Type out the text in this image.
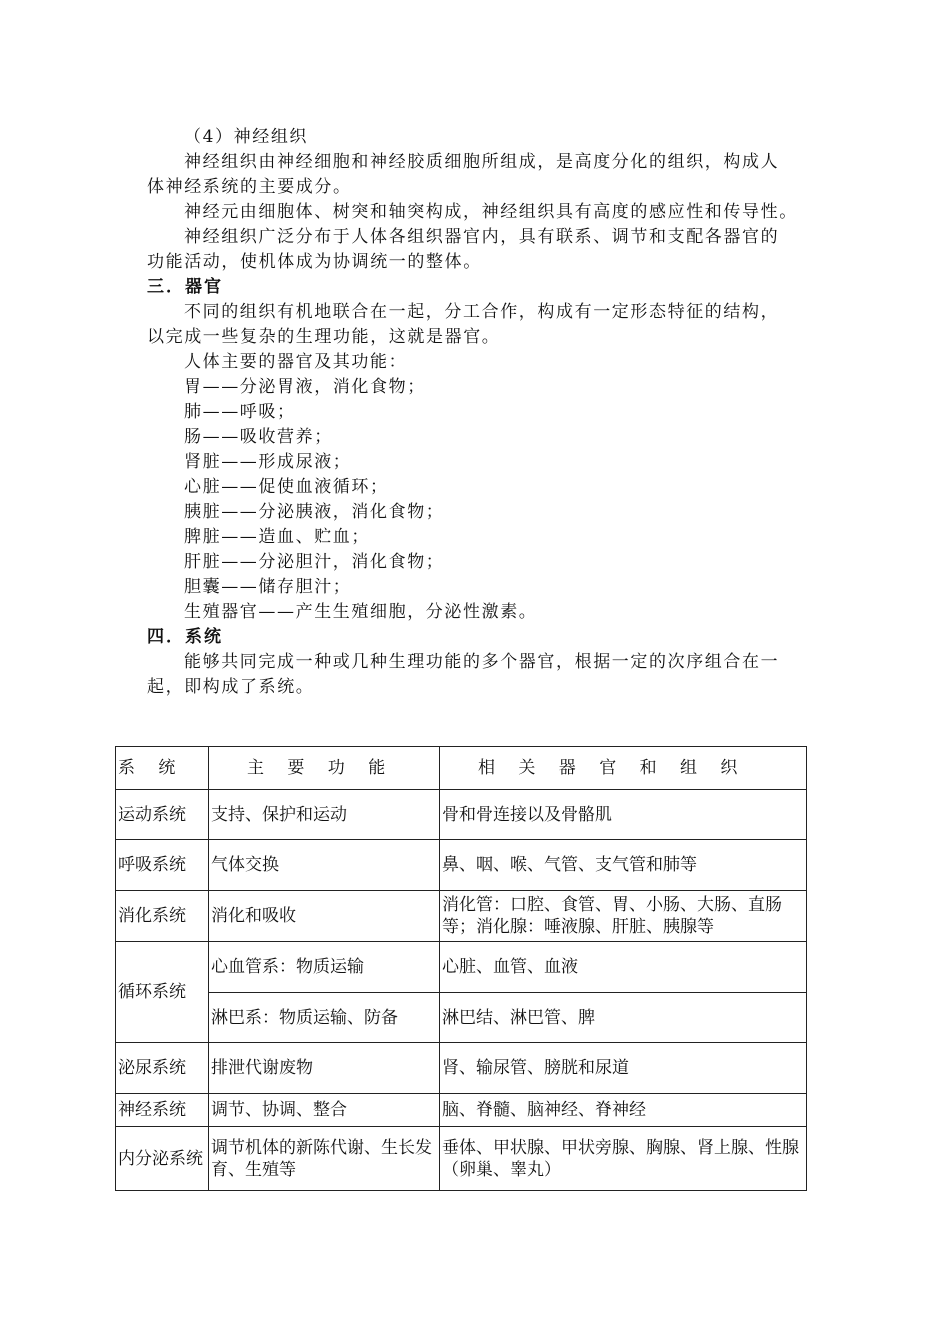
（4）神经组织
神经组织由神经细胞和神经胶质细胞所组成，是高度分化的组织，构成人
体神经系统的主要成分。
神经元由细胞体、树突和轴突构成，神经组织具有高度的感应性和传导性。
神经组织广泛分布于人体各组织器官内，具有联系、调节和支配各器官的
功能活动，使机体成为协调统一的整体。
三．器官
不同的组织有机地联合在一起，分工合作，构成有一定形态特征的结构，
以完成一些复杂的生理功能，这就是器官。
人体主要的器官及其功能：
胃——分泌胃液，消化食物；
肺——呼吸；
肠——吸收营养；
肾脏——形成尿液；
心脏——促使血液循环；
胰脏——分泌胰液，消化食物；
脾脏——造血、贮血；
肝脏——分泌胆汁，消化食物；
胆囊——储存胆汁；
生殖器官——产生生殖细胞，分泌性激素。
四．系统
能够共同完成一种或几种生理功能的多个器官，根据一定的次序组合在一
起，即构成了系统。
系 统	主 要 功 能	相 关 器 官 和 组 织
运动系统	支持、保护和运动	骨和骨连接以及骨骼肌
呼吸系统	气体交换	鼻、咽、喉、气管、支气管和肺等
消化系统	消化和吸收	消化管：口腔、食管、胃、小肠、大肠、直肠等；消化腺：唾液腺、肝脏、胰腺等
循环系统	心血管系：物质运输	心脏、血管、血液
	淋巴系：物质运输、防备	淋巴结、淋巴管、脾
泌尿系统	排泄代谢废物	肾、输尿管、膀胱和尿道
神经系统	调节、协调、整合	脑、脊髓、脑神经、脊神经
内分泌系统	调节机体的新陈代谢、生长发育、生殖等	垂体、甲状腺、甲状旁腺、胸腺、肾上腺、性腺（卵巢、睾丸）
